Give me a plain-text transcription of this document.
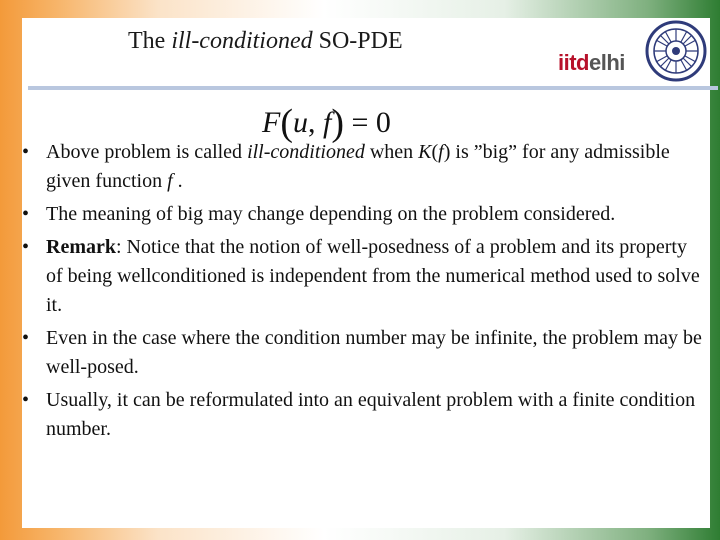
The ill-conditioned SO-PDE
iitdelhi
F(u, f) = 0
• Above problem is called ill-conditioned when K(f) is ”big” for any admissible given function f .
• The meaning of big may change depending on the problem considered.
• Remark: Notice that the notion of well-posedness of a problem and its property of being wellconditioned is independent from the numerical method used to solve it.
• Even in the case where the condition number may be infinite, the problem may be well-posed.
• Usually, it can be reformulated into an equivalent problem with a finite condition number.
